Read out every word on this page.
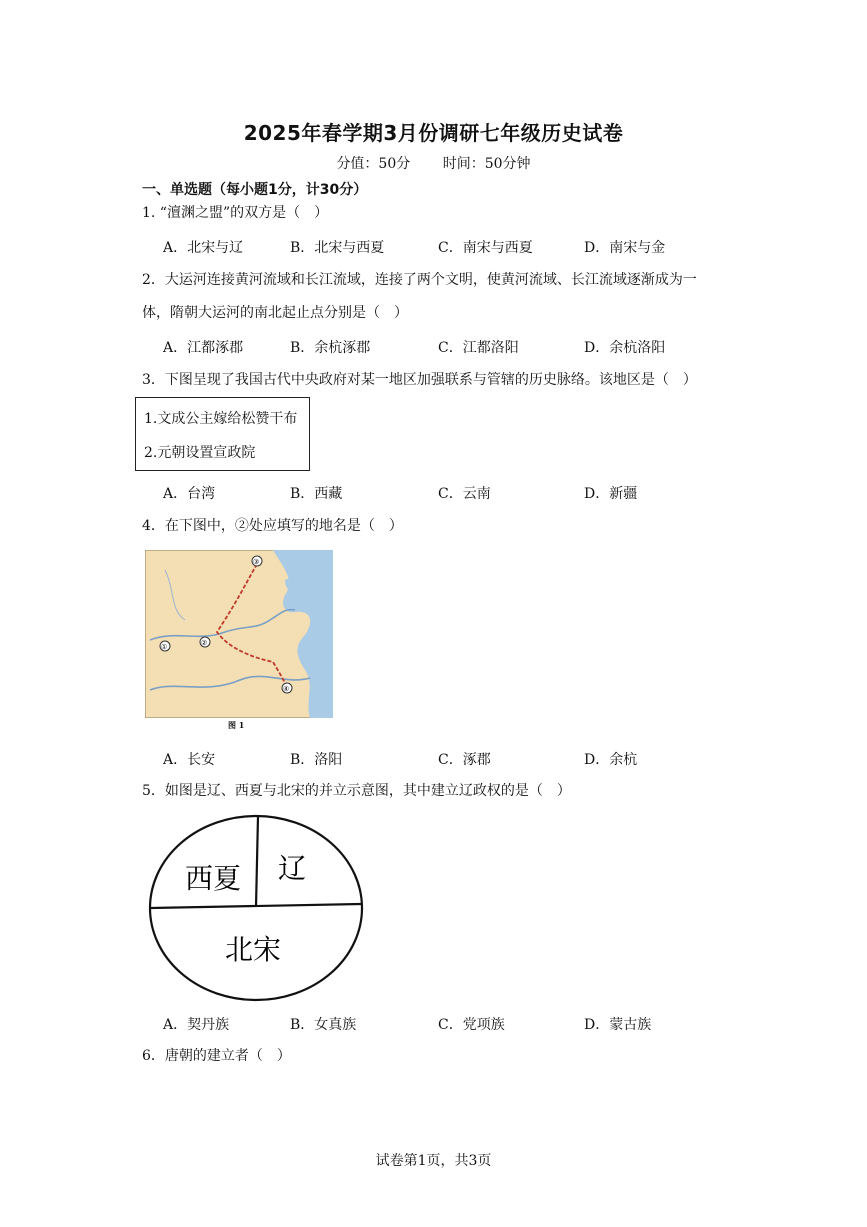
2025年春学期3月份调研七年级历史试卷
分值：50分 时间：50分钟
一、单选题（每小题1分，计30分）
1. “澶渊之盟”的双方是（　）
A．北宋与辽	B．北宋与西夏	C．南宋与西夏	D．南宋与金
2．大运河连接黄河流域和长江流域，连接了两个文明，使黄河流域、长江流域逐渐成为一
体，隋朝大运河的南北起止点分别是（　）
A．江都涿郡	B．余杭涿郡	C．江都洛阳	D．余杭洛阳
3．下图呈现了我国古代中央政府对某一地区加强联系与管辖的历史脉络。该地区是（　）
1.文成公主嫁给松赞干布
2.元朝设置宣政院
A．台湾	B．西藏	C．云南	D．新疆
4．在下图中，②处应填写的地名是（　）
③
②
①
④
图 1
A．长安	B．洛阳	C．涿郡	D．余杭
5．如图是辽、西夏与北宋的并立示意图，其中建立辽政权的是（　）
西夏 辽
北宋
A．契丹族	B．女真族	C．党项族	D．蒙古族
6．唐朝的建立者（　）
试卷第1页，共3页
